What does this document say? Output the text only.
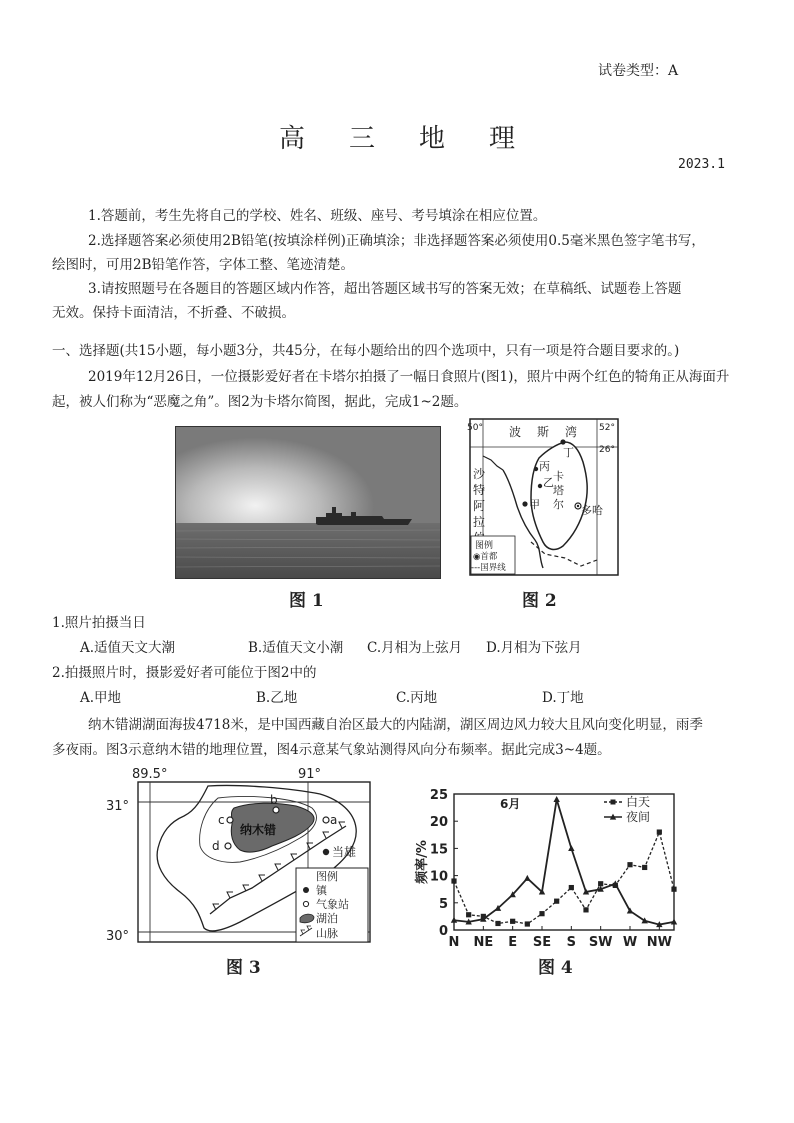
试卷类型：A
高 三 地 理
2023.1
1.答题前，考生先将自己的学校、姓名、班级、座号、考号填涂在相应位置。
2.选择题答案必须使用2B铅笔(按填涂样例)正确填涂；非选择题答案必须使用0.5毫米黑色签字笔书写，
绘图时，可用2B铅笔作答，字体工整、笔迹清楚。
3.请按照题号在各题目的答题区域内作答，超出答题区域书写的答案无效；在草稿纸、试题卷上答题
无效。保持卡面清洁，不折叠、不破损。
一、选择题(共15小题，每小题3分，共45分，在每小题给出的四个选项中，只有一项是符合题目要求的。)
2019年12月26日，一位摄影爱好者在卡塔尔拍摄了一幅日食照片(图1)，照片中两个红色的犄角正从海面升
起，被人们称为“恶魔之角”。图2为卡塔尔简图，据此，完成1~2题。
图 1
50°	52°
26°
波 斯 湾
丁
丙
乙
甲	多哈
卡
塔
尔
沙
特
阿
拉
图例
◉首都
---国界线
图 2
1.照片拍摄当日
A.适值天文大潮	B.适值天文小潮 C.月相为上弦月 D.月相为下弦月
2.拍摄照片时，摄影爱好者可能位于图2中的
A.甲地	B.乙地	C.丙地	D.丁地
纳木错湖湖面海拔4718米，是中国西藏自治区最大的内陆湖，湖区周边风力较大且风向变化明显，雨季
多夜雨。图3示意纳木错的地理位置，图4示意某气象站测得风向分布频率。据此完成3~4题。
89.5°	91°
31°
30°
纳木错
a
b
c
d	当雄
图例
镇
气象站
湖泊
山脉
图 3
0
5
10
15
20
25
N NE E SE S SW W NW
频率/%
6月	白天
夜间
图 4
